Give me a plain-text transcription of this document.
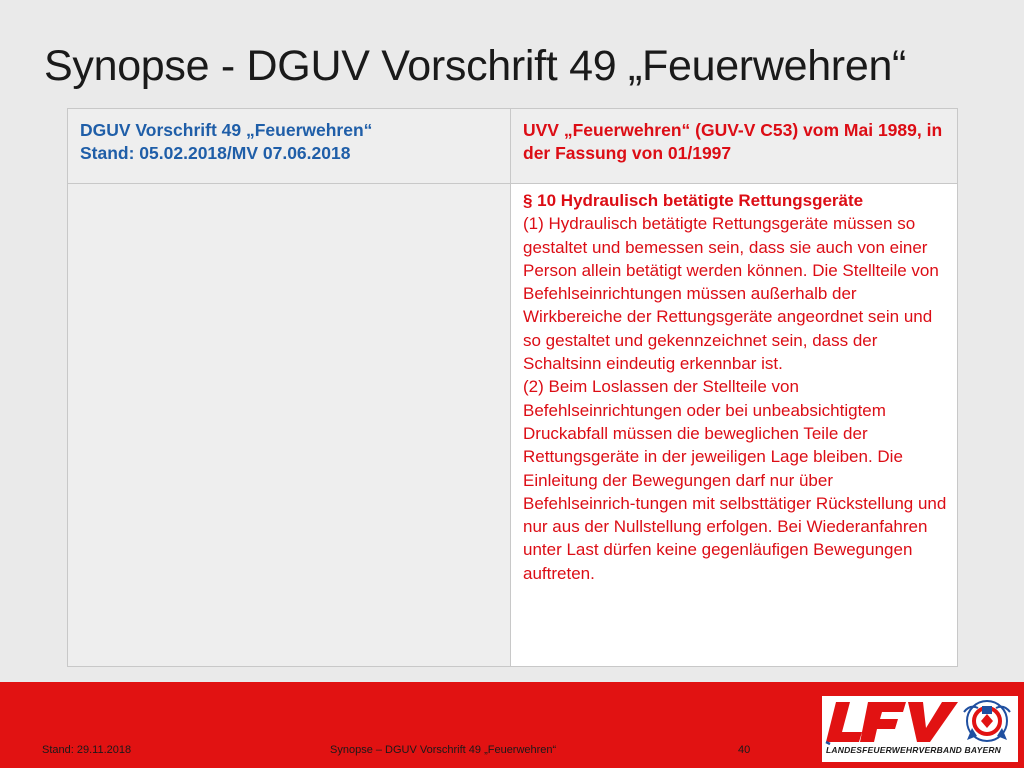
Synopse - DGUV Vorschrift 49 „Feuerwehren“
DGUV Vorschrift 49 „Feuerwehren“
Stand: 05.02.2018/MV 07.06.2018	UVV „Feuerwehren“ (GUV-V C53) vom Mai 1989, in der Fassung von 01/1997

	§ 10 Hydraulisch betätigte Rettungsgeräte
(1) Hydraulisch betätigte Rettungsgeräte müssen so gestaltet und bemessen sein, dass sie auch von einer Person allein betätigt werden können. Die Stellteile von Befehlseinrichtungen müssen außerhalb der Wirkbereiche der Rettungsgeräte angeordnet sein und so gestaltet und gekennzeichnet sein, dass der Schaltsinn eindeutig erkennbar ist.
(2) Beim Loslassen der Stellteile von Befehlseinrichtungen oder bei unbeabsichtigtem Druckabfall müssen die beweglichen Teile der Rettungsgeräte in der jeweiligen Lage bleiben. Die Einleitung der Bewegungen darf nur über Befehlseinrich-tungen mit selbsttätiger Rückstellung und nur aus der Nullstellung erfolgen. Bei Wiederanfahren unter Last dürfen keine gegenläufigen Bewegungen auftreten.
Stand: 29.11.2018	Synopse – DGUV Vorschrift 49 „Feuerwehren“	40	LANDESFEUERWEHRVERBAND BAYERN
